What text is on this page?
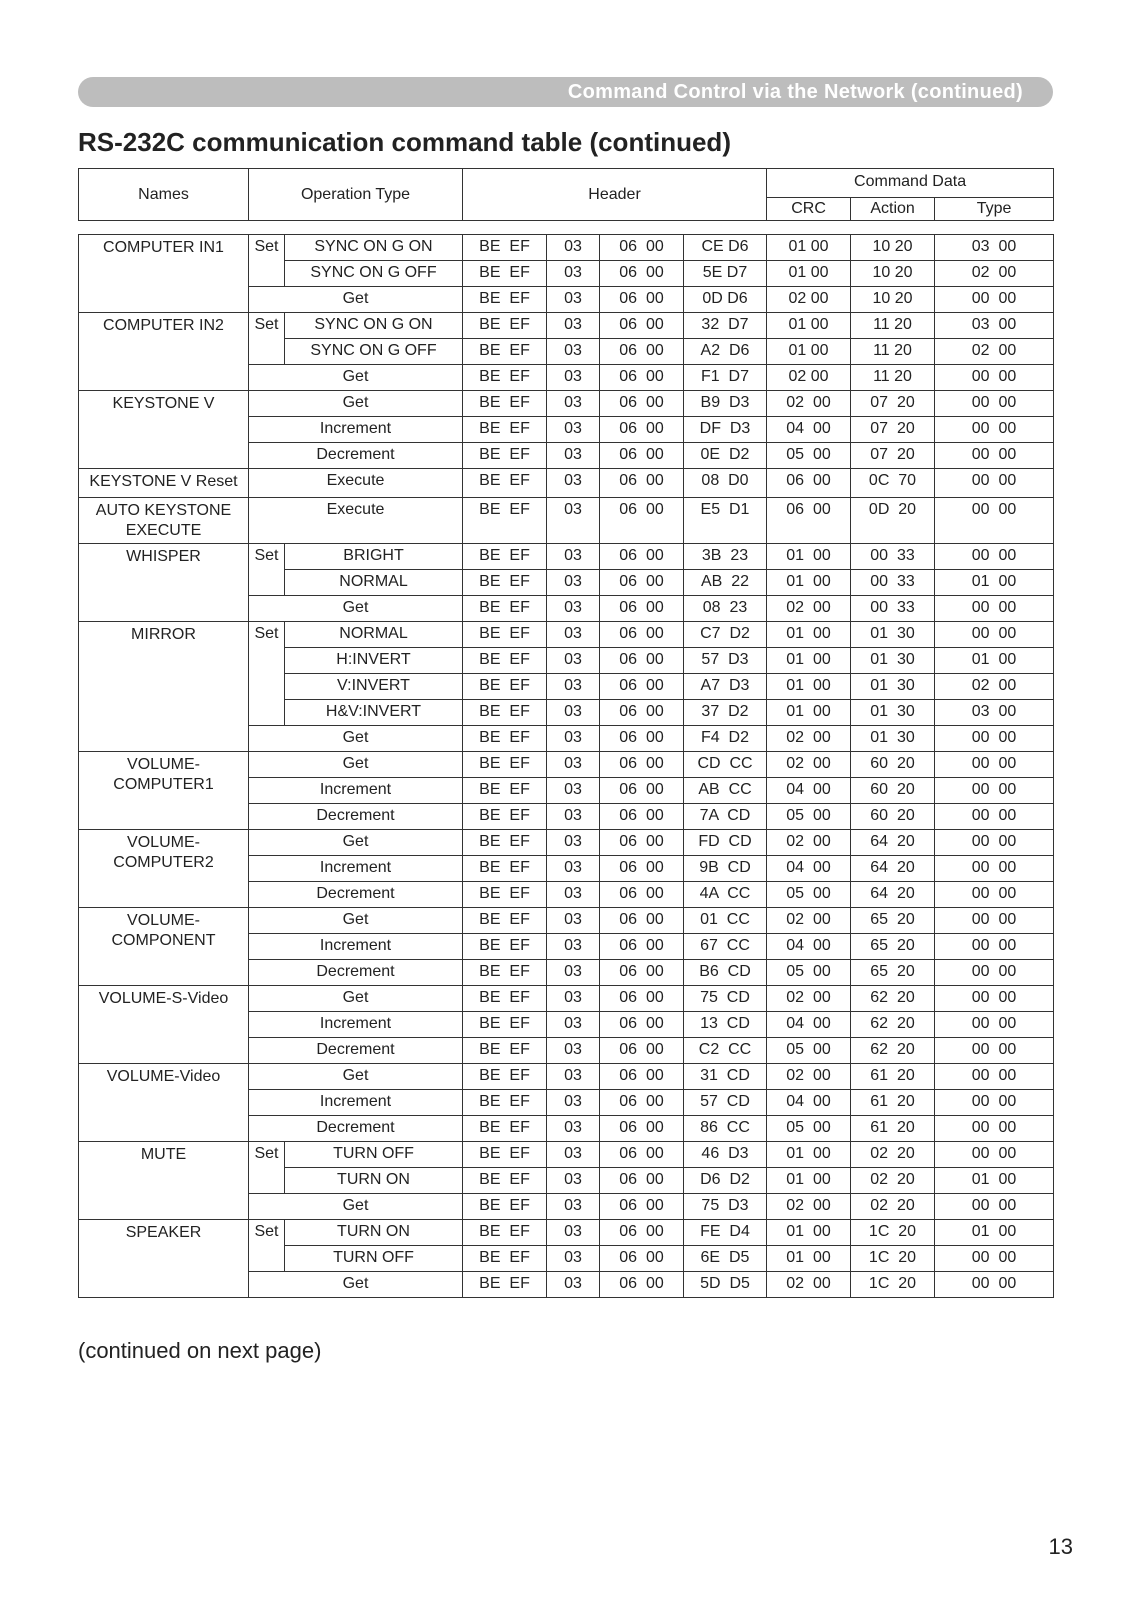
Command Control via the Network (continued)
RS-232C communication command table (continued)
Names	Operation Type	Header	Command Data			
			CRC	Action	Type	
COMPUTER IN1	Set	SYNC ON G ON	BE  EF	03	06  00	CE D6	01 00	10 20	03  00
		SYNC ON G OFF	BE  EF	03	06  00	5E D7	01 00	10 20	02  00
	Get		BE  EF	03	06  00	0D D6	02 00	10 20	00  00
COMPUTER IN2	Set	SYNC ON G ON	BE  EF	03	06  00	32  D7	01 00	11 20	03  00
		SYNC ON G OFF	BE  EF	03	06  00	A2  D6	01 00	11 20	02  00
	Get		BE  EF	03	06  00	F1  D7	02 00	11 20	00  00
KEYSTONE V	Get		BE  EF	03	06  00	B9  D3	02  00	07  20	00  00
	Increment		BE  EF	03	06  00	DF  D3	04  00	07  20	00  00
	Decrement		BE  EF	03	06  00	0E  D2	05  00	07  20	00  00
KEYSTONE V Reset	Execute		BE  EF	03	06  00	08  D0	06  00	0C  70	00  00
AUTO KEYSTONE EXECUTE	Execute		BE  EF	03	06  00	E5  D1	06  00	0D  20	00  00
WHISPER	Set	BRIGHT	BE  EF	03	06  00	3B  23	01  00	00  33	00  00
		NORMAL	BE  EF	03	06  00	AB  22	01  00	00  33	01  00
	Get		BE  EF	03	06  00	08  23	02  00	00  33	00  00
MIRROR	Set	NORMAL	BE  EF	03	06  00	C7  D2	01  00	01  30	00  00
		H:INVERT	BE  EF	03	06  00	57  D3	01  00	01  30	01  00
		V:INVERT	BE  EF	03	06  00	A7  D3	01  00	01  30	02  00
		H&V:INVERT	BE  EF	03	06  00	37  D2	01  00	01  30	03  00
	Get		BE  EF	03	06  00	F4  D2	02  00	01  30	00  00
VOLUME-
COMPUTER1	Get		BE  EF	03	06  00	CD  CC	02  00	60  20	00  00
	Increment		BE  EF	03	06  00	AB  CC	04  00	60  20	00  00
	Decrement		BE  EF	03	06  00	7A  CD	05  00	60  20	00  00
VOLUME-
COMPUTER2	Get		BE  EF	03	06  00	FD  CD	02  00	64  20	00  00
	Increment		BE  EF	03	06  00	9B  CD	04  00	64  20	00  00
	Decrement		BE  EF	03	06  00	4A  CC	05  00	64  20	00  00
VOLUME-
COMPONENT	Get		BE  EF	03	06  00	01  CC	02  00	65  20	00  00
	Increment		BE  EF	03	06  00	67  CC	04  00	65  20	00  00
	Decrement		BE  EF	03	06  00	B6  CD	05  00	65  20	00  00
VOLUME-S-Video	Get		BE  EF	03	06  00	75  CD	02  00	62  20	00  00
	Increment		BE  EF	03	06  00	13  CD	04  00	62  20	00  00
	Decrement		BE  EF	03	06  00	C2  CC	05  00	62  20	00  00
VOLUME-Video	Get		BE  EF	03	06  00	31  CD	02  00	61  20	00  00
	Increment		BE  EF	03	06  00	57  CD	04  00	61  20	00  00
	Decrement		BE  EF	03	06  00	86  CC	05  00	61  20	00  00
MUTE	Set	TURN OFF	BE  EF	03	06  00	46  D3	01  00	02  20	00  00
		TURN ON	BE  EF	03	06  00	D6  D2	01  00	02  20	01  00
	Get		BE  EF	03	06  00	75  D3	02  00	02  20	00  00
SPEAKER	Set	TURN ON	BE  EF	03	06  00	FE  D4	01  00	1C  20	01  00
		TURN OFF	BE  EF	03	06  00	6E  D5	01  00	1C  20	00  00
	Get		BE  EF	03	06  00	5D  D5	02  00	1C  20	00  00
(continued on next page)
13
